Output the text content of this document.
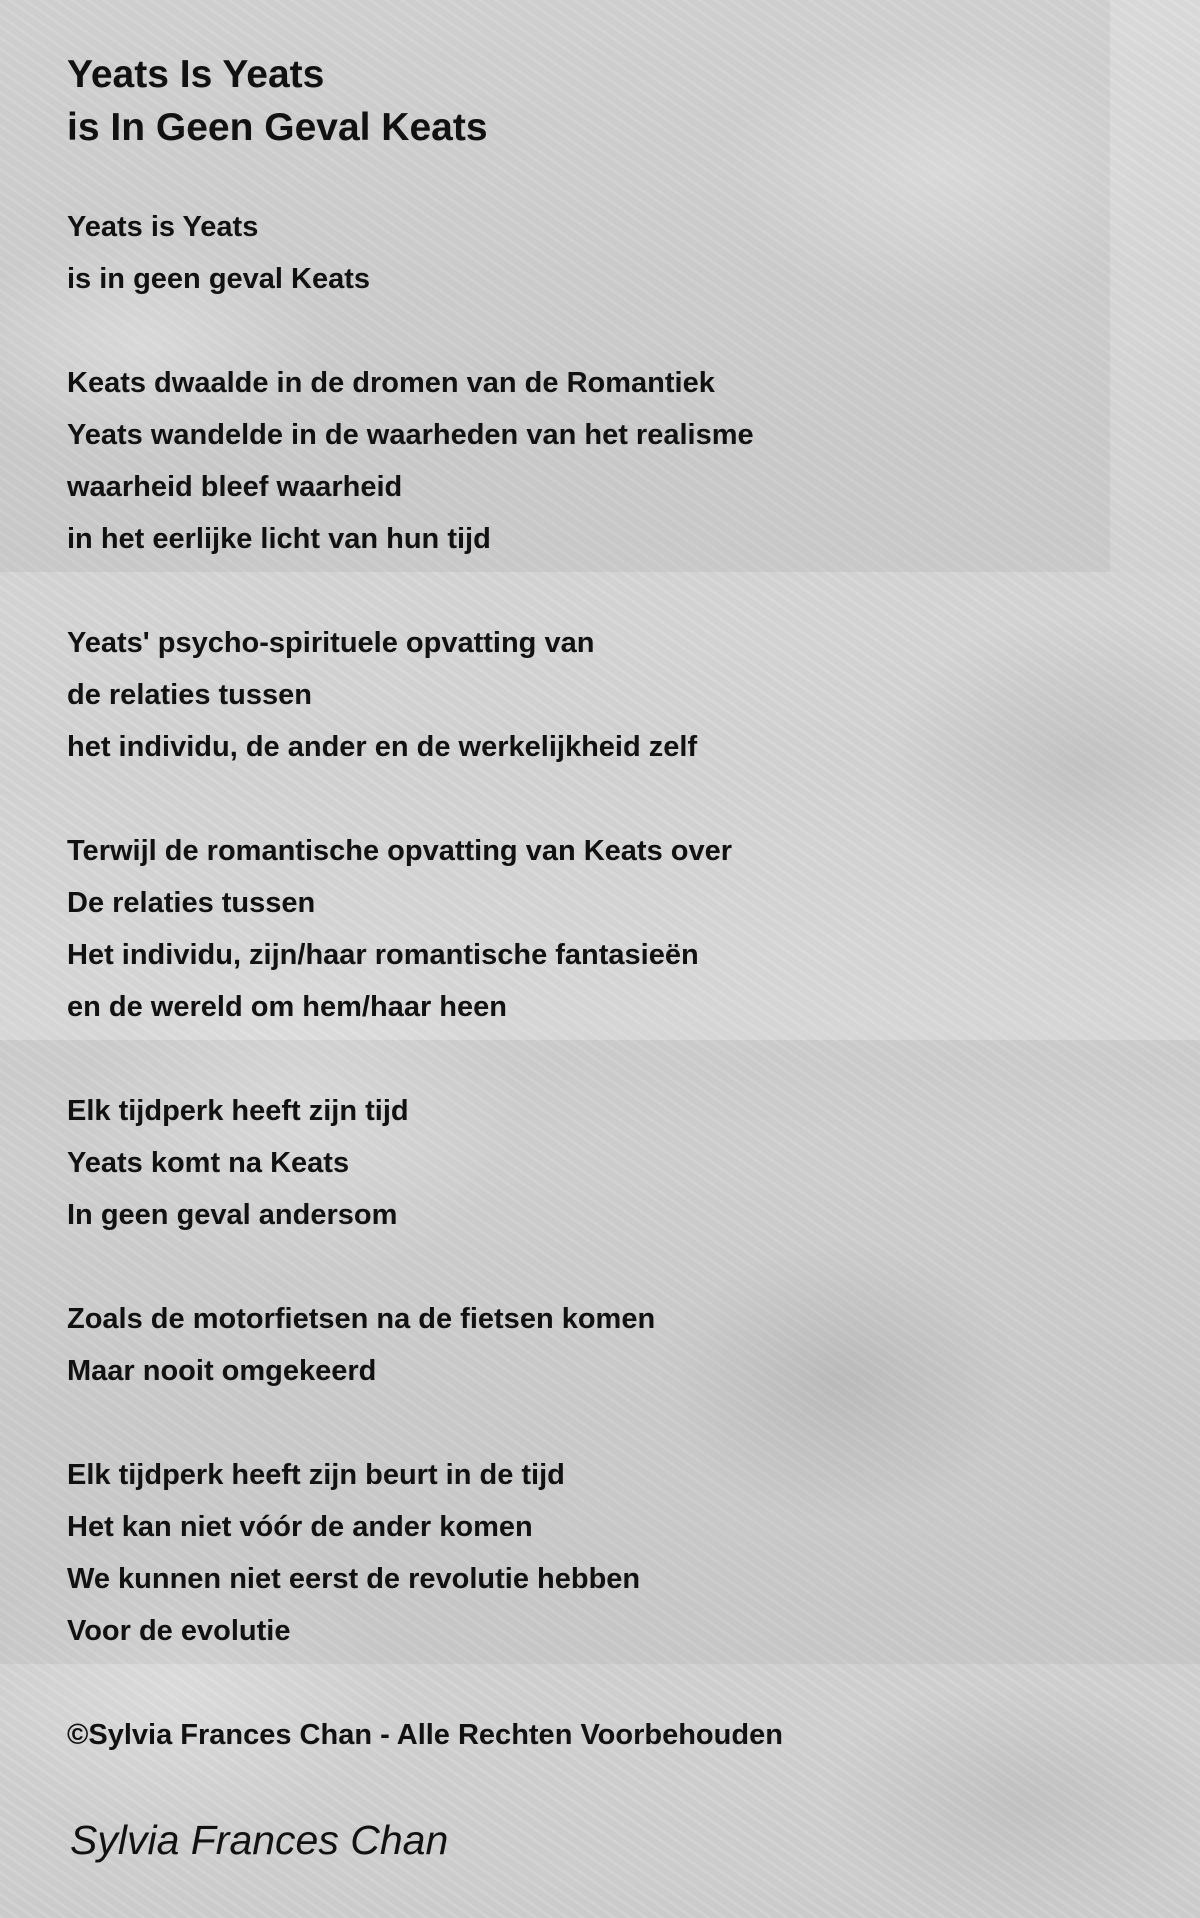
Yeats Is Yeats
is In Geen Geval Keats

Yeats is Yeats
is in geen geval Keats

Keats dwaalde in de dromen van de Romantiek
Yeats wandelde in de waarheden van het realisme
waarheid bleef waarheid
in het eerlijke licht van hun tijd

Yeats' psycho-spirituele opvatting van
de relaties tussen
het individu, de ander en de werkelijkheid zelf

Terwijl de romantische opvatting van Keats over
De relaties tussen
Het individu, zijn/haar romantische fantasieën
en de wereld om hem/haar heen

Elk tijdperk heeft zijn tijd
Yeats komt na Keats
In geen geval andersom

Zoals de motorfietsen na de fietsen komen
Maar nooit omgekeerd

Elk tijdperk heeft zijn beurt in de tijd
Het kan niet vóór de ander komen
We kunnen niet eerst de revolutie hebben
Voor de evolutie

©Sylvia Frances Chan - Alle Rechten Voorbehouden
Sylvia Frances Chan
